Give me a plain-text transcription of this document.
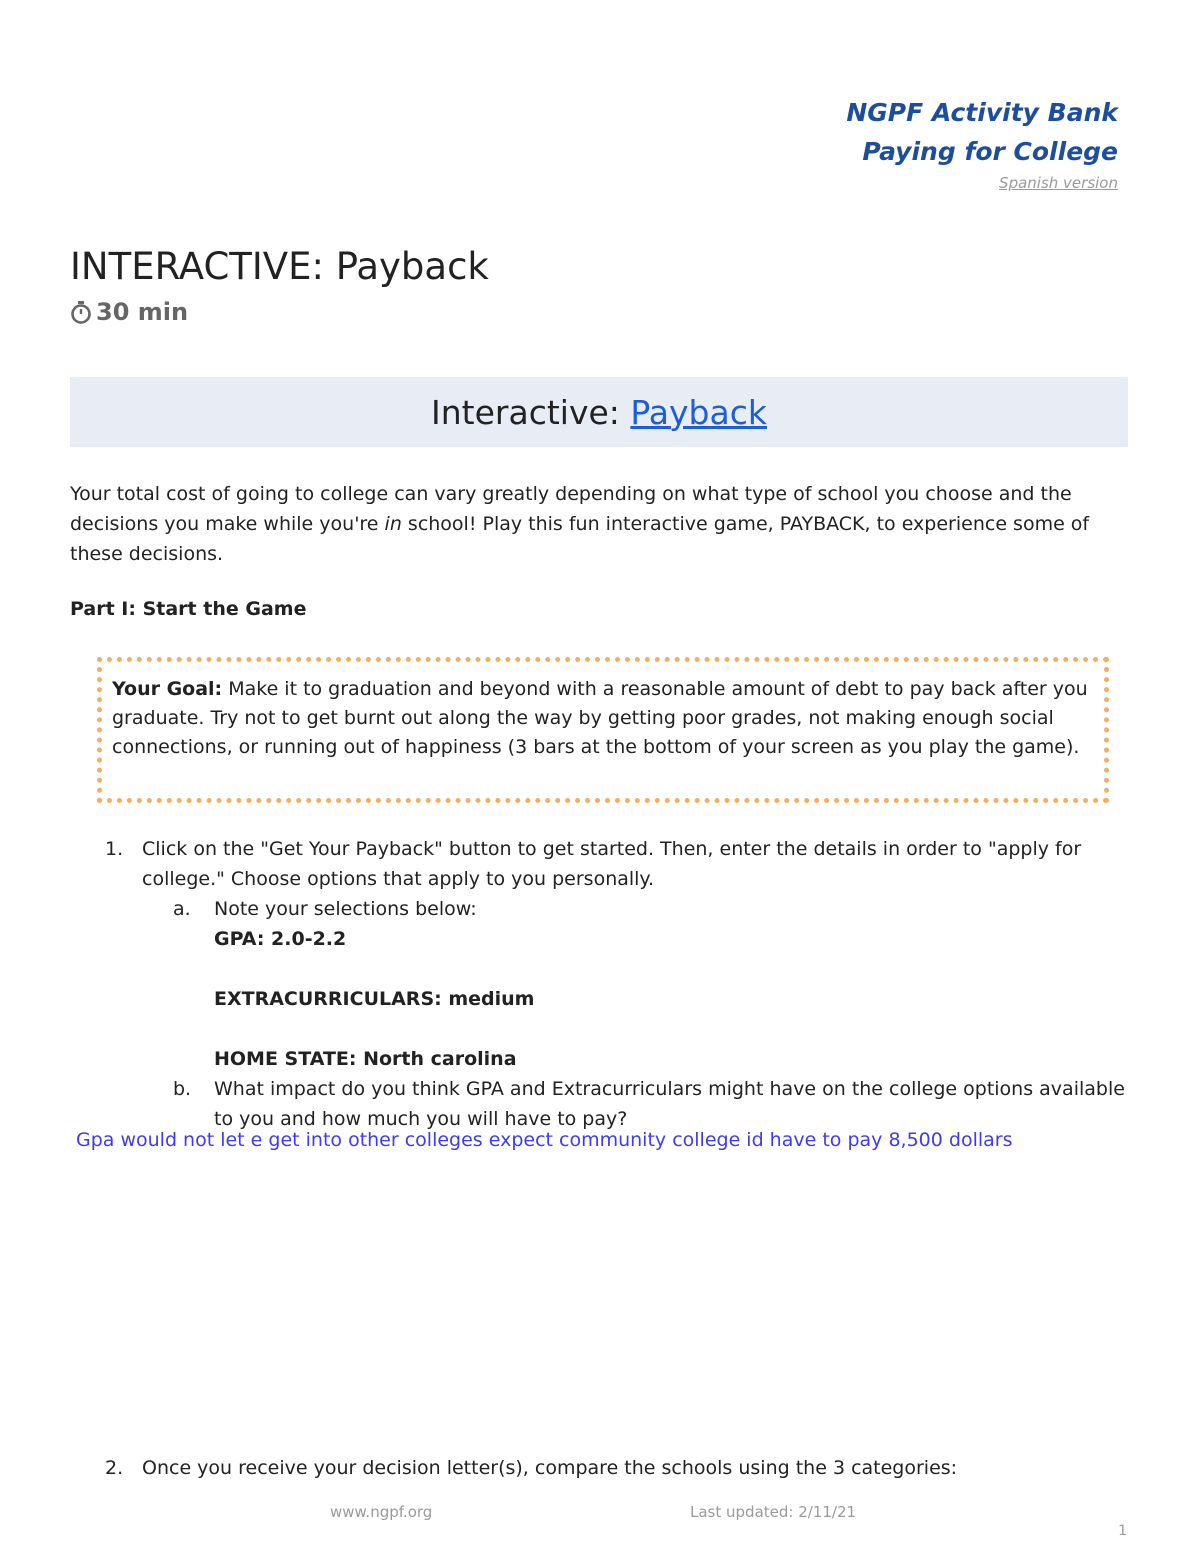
NGPF Activity Bank
Paying for College
Spanish version
INTERACTIVE: Payback
30 min
Interactive: Payback
Your total cost of going to college can vary greatly depending on what type of school you choose and the decisions you make while you're in school! Play this fun interactive game, PAYBACK, to experience some of these decisions.
Part I: Start the Game
Your Goal: Make it to graduation and beyond with a reasonable amount of debt to pay back after you graduate. Try not to get burnt out along the way by getting poor grades, not making enough social connections, or running out of happiness (3 bars at the bottom of your screen as you play the game).
1. Click on the "Get Your Payback" button to get started. Then, enter the details in order to "apply for college." Choose options that apply to you personally.
a. Note your selections below:
GPA: 2.0-2.2
EXTRACURRICULARS: medium
HOME STATE: North carolina
b. What impact do you think GPA and Extracurriculars might have on the college options available to you and how much you will have to pay?
Gpa would not let e get into other colleges expect community college id have to pay 8,500 dollars
2. Once you receive your decision letter(s), compare the schools using the 3 categories:
www.ngpf.org	Last updated: 2/11/21
1
